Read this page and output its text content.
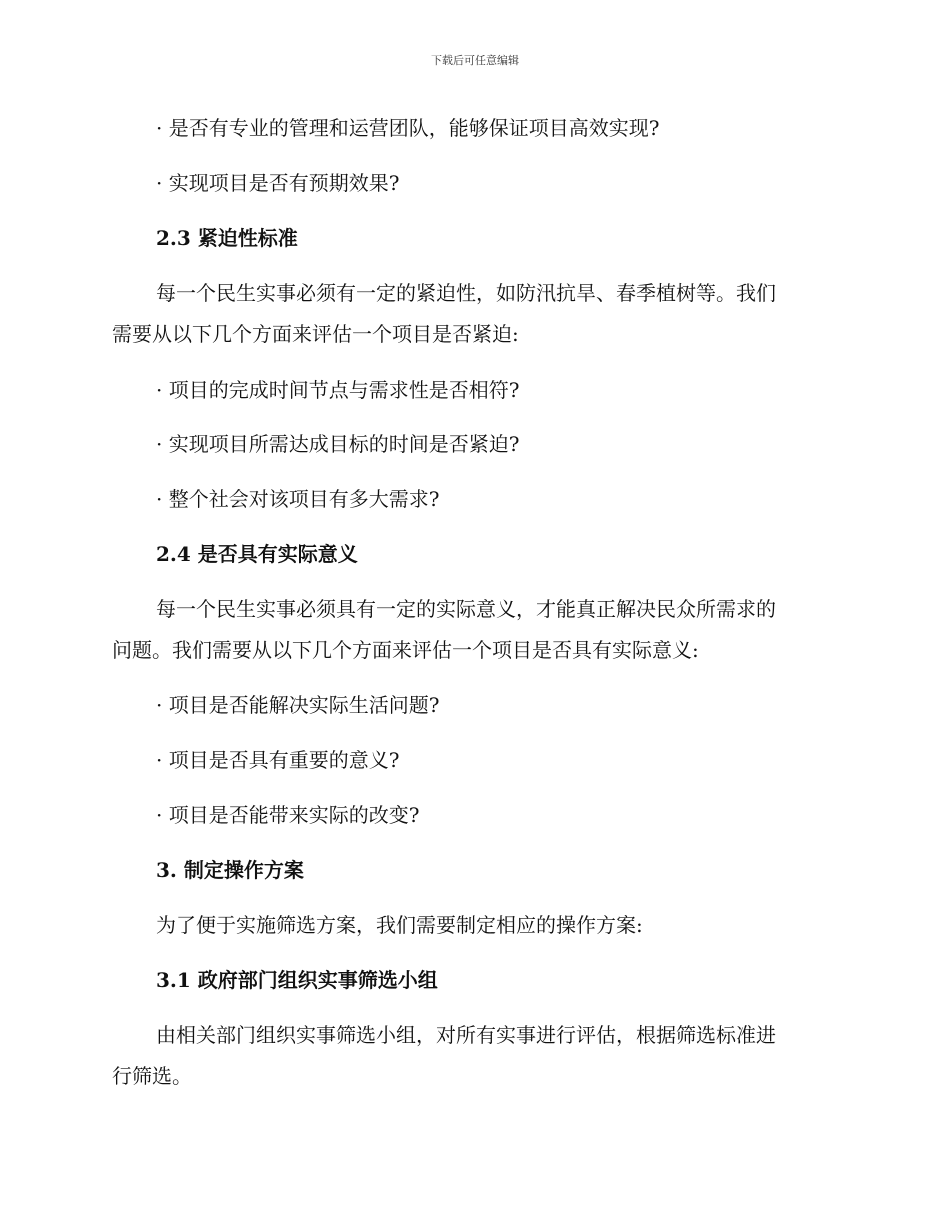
下载后可任意编辑
· 是否有专业的管理和运营团队，能够保证项目高效实现?
· 实现项目是否有预期效果?
2.3 紧迫性标准
每一个民生实事必须有一定的紧迫性，如防汛抗旱、春季植树等。我们
需要从以下几个方面来评估一个项目是否紧迫:
· 项目的完成时间节点与需求性是否相符?
· 实现项目所需达成目标的时间是否紧迫?
· 整个社会对该项目有多大需求?
2.4 是否具有实际意义
每一个民生实事必须具有一定的实际意义，才能真正解决民众所需求的
问题。我们需要从以下几个方面来评估一个项目是否具有实际意义:
· 项目是否能解决实际生活问题?
· 项目是否具有重要的意义?
· 项目是否能带来实际的改变?
3. 制定操作方案
为了便于实施筛选方案，我们需要制定相应的操作方案:
3.1 政府部门组织实事筛选小组
由相关部门组织实事筛选小组，对所有实事进行评估，根据筛选标准进
行筛选。
